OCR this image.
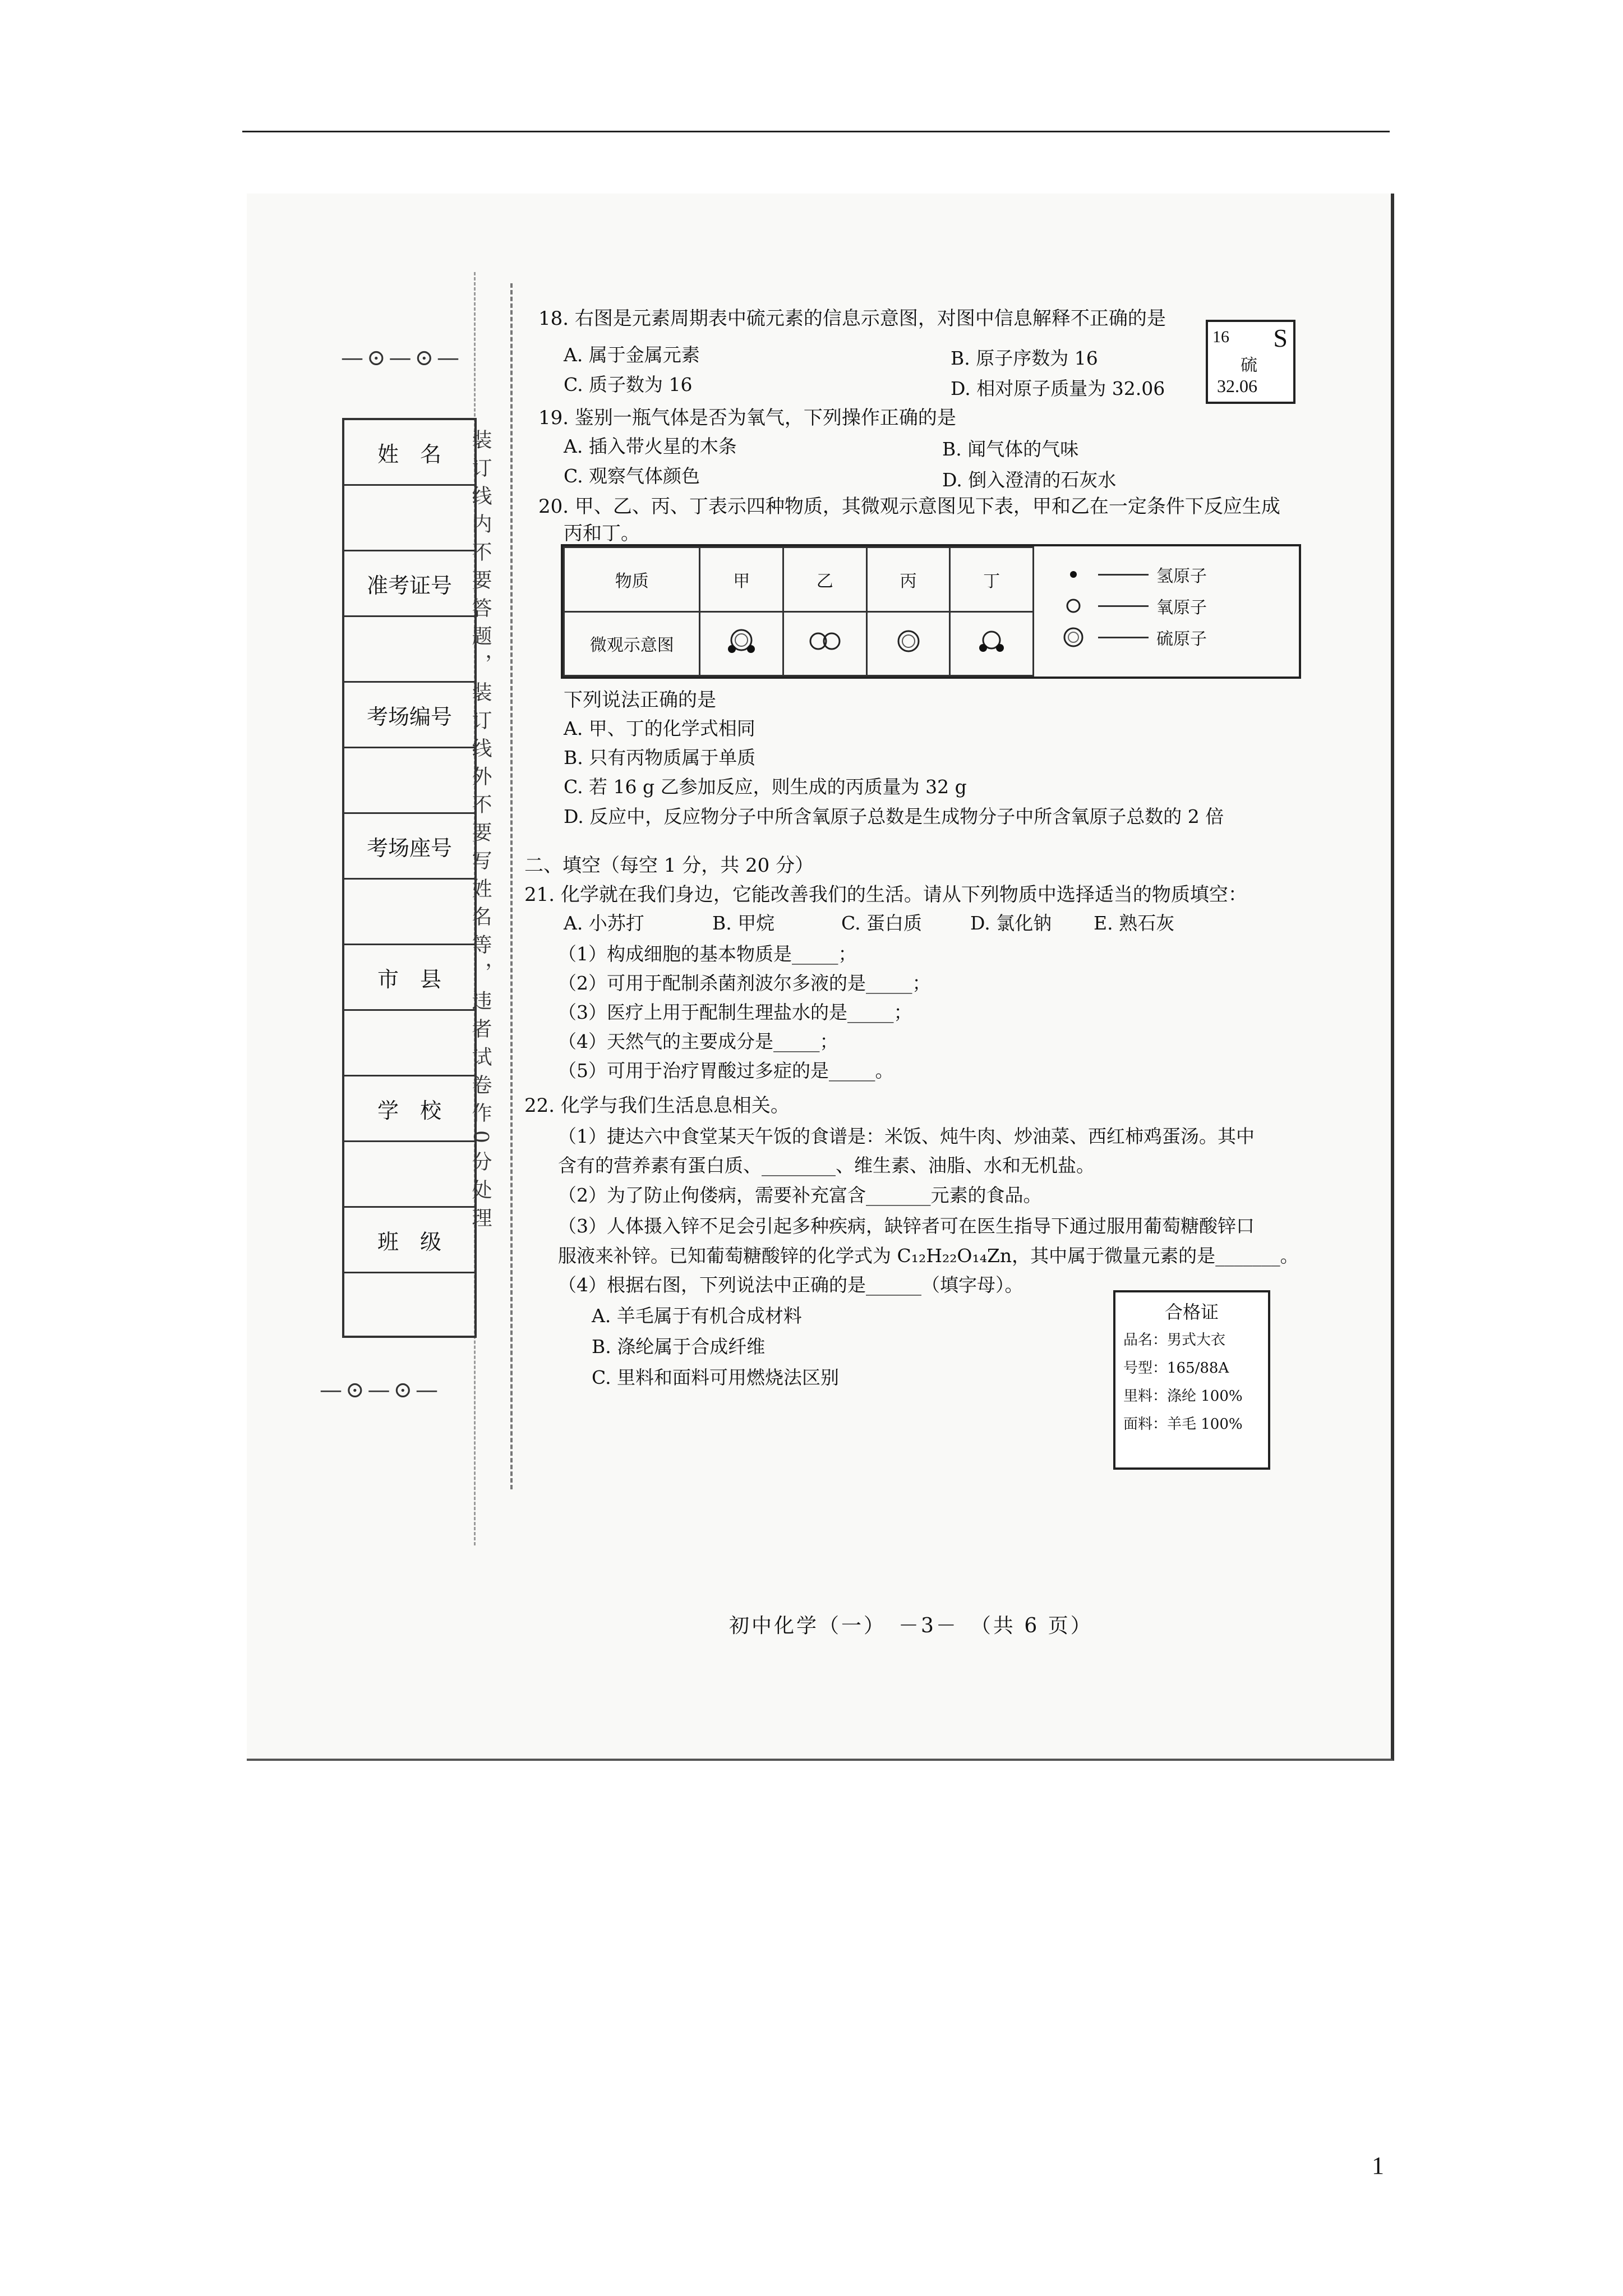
—⊙—⊙—
—⊙—⊙—
姓　名
准考证号
考场编号
考场座号
市　县
学　校
班　级
装订线内不要答题，装订线外不要写姓名等，违者试卷作0分处理
18. 右图是元素周期表中硫元素的信息示意图，对图中信息解释不正确的是
A. 属于金属元素	B. 原子序数为 16
C. 质子数为 16	D. 相对原子质量为 32.06
16 S
硫
32.06
19. 鉴别一瓶气体是否为氧气，下列操作正确的是
A. 插入带火星的木条	B. 闻气体的气味
C. 观察气体颜色	D. 倒入澄清的石灰水
20. 甲、乙、丙、丁表示四种物质，其微观示意图见下表，甲和乙在一定条件下反应生成
丙和丁。
物质	甲	乙	丙	丁
微观示意图				
氢原子
氧原子
硫原子
下列说法正确的是
A. 甲、丁的化学式相同
B. 只有丙物质属于单质
C. 若 16 g 乙参加反应，则生成的丙质量为 32 g
D. 反应中，反应物分子中所含氧原子总数是生成物分子中所含氧原子总数的 2 倍
二、填空（每空 1 分，共 20 分）
21. 化学就在我们身边，它能改善我们的生活。请从下列物质中选择适当的物质填空：
A. 小苏打	B. 甲烷	C. 蛋白质	D. 氯化钠 E. 熟石灰
（1）构成细胞的基本物质是_____；
（2）可用于配制杀菌剂波尔多液的是_____；
（3）医疗上用于配制生理盐水的是_____；
（4）天然气的主要成分是_____；
（5）可用于治疗胃酸过多症的是_____。
22. 化学与我们生活息息相关。
（1）捷达六中食堂某天午饭的食谱是：米饭、炖牛肉、炒油菜、西红柿鸡蛋汤。其中
含有的营养素有蛋白质、________、维生素、油脂、水和无机盐。
（2）为了防止佝偻病，需要补充富含_______元素的食品。
（3）人体摄入锌不足会引起多种疾病，缺锌者可在医生指导下通过服用葡萄糖酸锌口
服液来补锌。已知葡萄糖酸锌的化学式为 C₁₂H₂₂O₁₄Zn，其中属于微量元素的是_______。
（4）根据右图，下列说法中正确的是______（填字母）。
A. 羊毛属于有机合成材料
B. 涤纶属于合成纤维
C. 里料和面料可用燃烧法区别
合格证
品名：男式大衣
号型：165/88A
里料：涤纶 100%
面料：羊毛 100%
初中化学（一）　－3－　（共 6 页）
1
